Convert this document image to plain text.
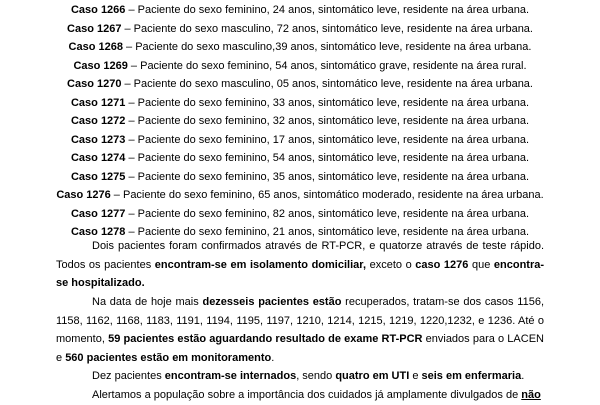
Caso 1266 – Paciente do sexo feminino, 24 anos, sintomático leve, residente na área urbana.
Caso 1267 – Paciente do sexo masculino, 72 anos, sintomático leve, residente na área urbana.
Caso 1268 – Paciente do sexo masculino,39 anos, sintomático leve, residente na área urbana.
Caso 1269 – Paciente do sexo feminino, 54 anos, sintomático grave, residente na área rural.
Caso 1270 – Paciente do sexo masculino, 05 anos, sintomático leve, residente na área urbana.
Caso 1271 – Paciente do sexo feminino, 33 anos, sintomático leve, residente na área urbana.
Caso 1272 – Paciente do sexo feminino, 32 anos, sintomático leve, residente na área urbana.
Caso 1273 – Paciente do sexo feminino, 17 anos, sintomático leve, residente na área urbana.
Caso 1274 – Paciente do sexo feminino, 54 anos, sintomático leve, residente na área urbana.
Caso 1275 – Paciente do sexo feminino, 35 anos, sintomático leve, residente na área urbana.
Caso 1276 – Paciente do sexo feminino, 65 anos, sintomático moderado, residente na área urbana.
Caso 1277 – Paciente do sexo feminino, 82 anos, sintomático leve, residente na área urbana.
Caso 1278 – Paciente do sexo feminino, 21 anos, sintomático leve, residente na área urbana.

Dois pacientes foram confirmados através de RT-PCR, e quatorze através de teste rápido. Todos os pacientes encontram-se em isolamento domiciliar, exceto o caso 1276 que encontra-se hospitalizado.

Na data de hoje mais dezesseis pacientes estão recuperados, tratam-se dos casos 1156, 1158, 1162, 1168, 1183, 1191, 1194, 1195, 1197, 1210, 1214, 1215, 1219, 1220,1232, e 1236. Até o momento, 59 pacientes estão aguardando resultado de exame RT-PCR enviados para o LACEN e 560 pacientes estão em monitoramento.

Dez pacientes encontram-se internados, sendo quatro em UTI e seis em enfermaria.

Alertamos a população sobre a importância dos cuidados já amplamente divulgados de não
